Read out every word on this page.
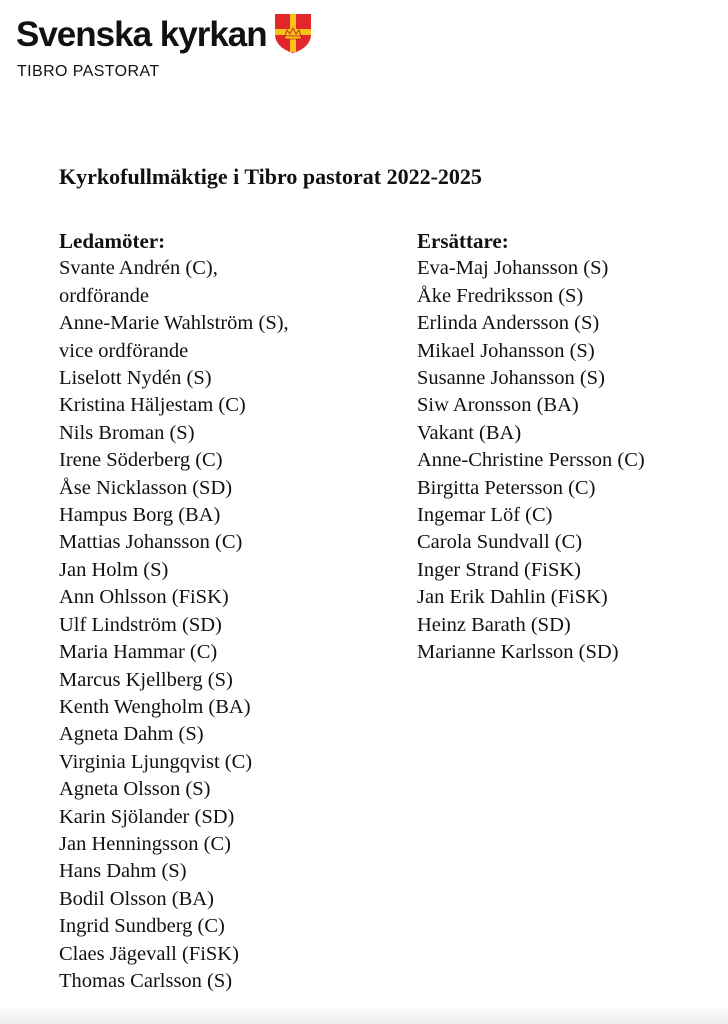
Svenska kyrkan
TIBRO PASTORAT
Kyrkofullmäktige i Tibro pastorat 2022-2025
Ledamöter:
Svante Andrén (C),
ordförande
Anne-Marie Wahlström (S),
vice ordförande
Liselott Nydén (S)
Kristina Häljestam (C)
Nils Broman (S)
Irene Söderberg (C)
Åse Nicklasson (SD)
Hampus Borg (BA)
Mattias Johansson (C)
Jan Holm (S)
Ann Ohlsson (FiSK)
Ulf Lindström (SD)
Maria Hammar (C)
Marcus Kjellberg (S)
Kenth Wengholm (BA)
Agneta Dahm (S)
Virginia Ljungqvist (C)
Agneta Olsson (S)
Karin Sjölander (SD)
Jan Henningsson (C)
Hans Dahm (S)
Bodil Olsson (BA)
Ingrid Sundberg (C)
Claes Jägevall (FiSK)
Thomas Carlsson (S)
Ersättare:
Eva-Maj Johansson (S)
Åke Fredriksson (S)
Erlinda Andersson (S)
Mikael Johansson (S)
Susanne Johansson (S)
Siw Aronsson (BA)
Vakant (BA)
Anne-Christine Persson (C)
Birgitta Petersson (C)
Ingemar Löf (C)
Carola Sundvall (C)
Inger Strand (FiSK)
Jan Erik Dahlin (FiSK)
Heinz Barath (SD)
Marianne Karlsson (SD)
